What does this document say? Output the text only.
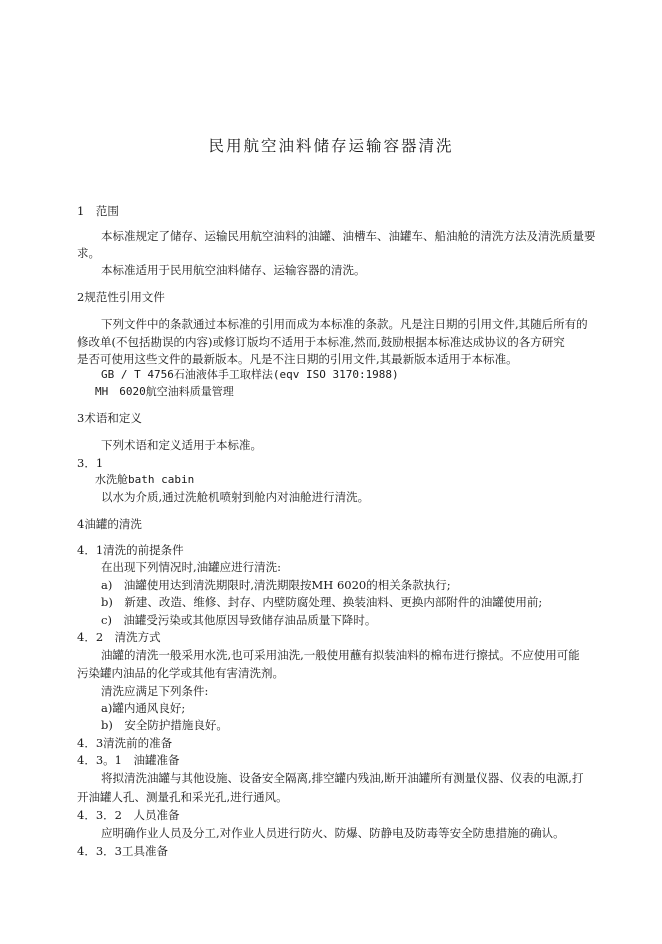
民用航空油料储存运输容器清洗
1　范围
本标准规定了储存、运输民用航空油料的油罐、油槽车、油罐车、船油舱的清洗方法及清洗质量要
求。
本标准适用于民用航空油料储存、运输容器的清洗。
2规范性引用文件
下列文件中的条款通过本标准的引用而成为本标准的条款。凡是注日期的引用文件,其随后所有的
修改单(不包括勘误的内容)或修订版均不适用于本标准,然而,鼓励根据本标准达成协议的各方研究
是否可使用这些文件的最新版本。凡是不注日期的引用文件,其最新版本适用于本标准。
GB / T 4756石油液体手工取样法(eqv ISO 3170:1988)
MH　6020航空油料质量管理
3术语和定义
下列术语和定义适用于本标准。
3．1
水洗舱bath cabin
以水为介质,通过洗舱机喷射到舱内对油舱进行清洗。
4油罐的清洗
4．1清洗的前提条件
在出现下列情况时,油罐应进行清洗:
a)　油罐使用达到清洗期限时,清洗期限按MH 6020的相关条款执行;
b)　新建、改造、维修、封存、内壁防腐处理、换装油料、更换内部附件的油罐使用前;
c)　油罐受污染或其他原因导致储存油品质量下降时。
4．2　清洗方式
油罐的清洗一般采用水洗,也可采用油洗,一般使用蘸有拟装油料的棉布进行擦拭。不应使用可能
污染罐内油品的化学或其他有害清洗剂。
清洗应满足下列条件:
a)罐内通风良好;
b)　安全防护措施良好。
4．3清洗前的准备
4．3。1　油罐准备
将拟清洗油罐与其他设施、设备安全隔离,排空罐内残油,断开油罐所有测量仪器、仪表的电源,打
开油罐人孔、测量孔和采光孔,进行通风。
4．3．2　人员准备
应明确作业人员及分工,对作业人员进行防火、防爆、防静电及防毒等安全防患措施的确认。
4．3．3工具准备
